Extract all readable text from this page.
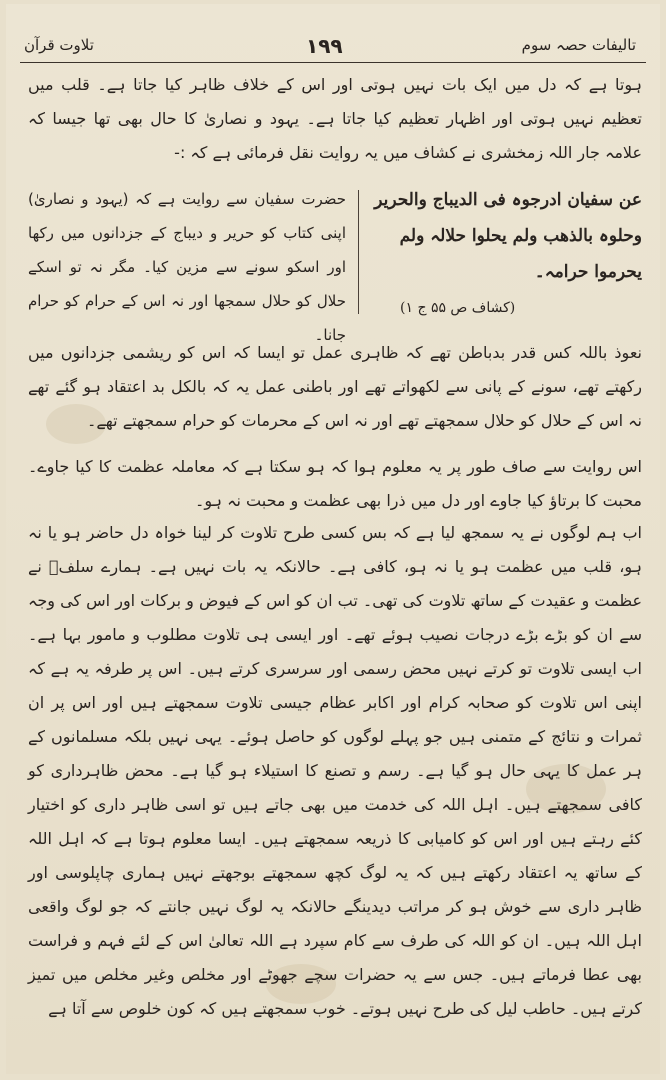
تلاوت قرآن	۱۹۹	تالیفات حصہ سوم

ہوتا ہے کہ دل میں ایک بات نہیں ہوتی اور اس کے خلاف ظاہر کیا جاتا ہے۔ قلب میں تعظیم نہیں ہوتی اور اظہار تعظیم کیا جاتا ہے۔ یہود و نصاریٰ کا حال بھی تھا جیسا کہ علامہ جار اللہ زمخشری نے کشاف میں یہ روایت نقل فرمائی ہے کہ :-

عن سفیان ادرجوہ فی الدیباج والحریر وحلوہ بالذھب ولم یحلوا حلالہ ولم یحرموا حرامہ۔
(کشاف ص ۵۵ ج ۱)
حضرت سفیان سے روایت ہے کہ (یہود و نصاریٰ) اپنی کتاب کو حریر و دیباج کے جزدانوں میں رکھا اور اسکو سونے سے مزین کیا۔ مگر نہ تو اسکے حلال کو حلال سمجھا اور نہ اس کے حرام کو حرام جانا۔

نعوذ باللہ کس قدر بدباطن تھے کہ ظاہری عمل تو ایسا کہ اس کو ریشمی جزدانوں میں رکھتے تھے، سونے کے پانی سے لکھواتے تھے اور باطنی عمل یہ کہ بالکل بد اعتقاد ہو گئے تھے نہ اس کے حلال کو حلال سمجھتے تھے اور نہ اس کے محرمات کو حرام سمجھتے تھے۔

اس روایت سے صاف طور پر یہ معلوم ہوا کہ ہو سکتا ہے کہ معاملہ عظمت کا کیا جاوے۔ محبت کا برتاؤ کیا جاوے اور دل میں ذرا بھی عظمت و محبت نہ ہو۔

اب ہم لوگوں نے یہ سمجھ لیا ہے کہ بس کسی طرح تلاوت کر لینا خواہ دل حاضر ہو یا نہ ہو، قلب میں عظمت ہو یا نہ ہو، کافی ہے۔ حالانکہ یہ بات نہیں ہے۔ ہمارے سلفؒ نے عظمت و عقیدت کے ساتھ تلاوت کی تھی۔ تب ان کو اس کے فیوض و برکات اور اس کی وجہ سے ان کو بڑے بڑے درجات نصیب ہوئے تھے۔ اور ایسی ہی تلاوت مطلوب و مامور بہا ہے۔ اب ایسی تلاوت تو کرتے نہیں محض رسمی اور سرسری کرتے ہیں۔ اس پر طرفہ یہ ہے کہ اپنی اس تلاوت کو صحابہ کرام اور اکابر عظام جیسی تلاوت سمجھتے ہیں اور اس پر ان ثمرات و نتائج کے متمنی ہیں جو پہلے لوگوں کو حاصل ہوئے۔ یہی نہیں بلکہ مسلمانوں کے ہر عمل کا یہی حال ہو گیا ہے۔ رسم و تصنع کا استیلاء ہو گیا ہے۔ محض ظاہرداری کو کافی سمجھتے ہیں۔ اہل اللہ کی خدمت میں بھی جاتے ہیں تو اسی ظاہر داری کو اختیار کئے رہتے ہیں اور اس کو کامیابی کا ذریعہ سمجھتے ہیں۔ ایسا معلوم ہوتا ہے کہ اہل اللہ کے ساتھ یہ اعتقاد رکھتے ہیں کہ یہ لوگ کچھ سمجھتے بوجھتے نہیں ہماری چاپلوسی اور ظاہر داری سے خوش ہو کر مراتب دیدینگے حالانکہ یہ لوگ نہیں جانتے کہ جو لوگ واقعی اہل اللہ ہیں۔ ان کو اللہ کی طرف سے کام سپرد ہے اللہ تعالیٰ اس کے لئے فہم و فراست بھی عطا فرماتے ہیں۔ جس سے یہ حضرات سچے جھوٹے اور مخلص وغیر مخلص میں تمیز کرتے ہیں۔ حاطب لیل کی طرح نہیں ہوتے۔ خوب سمجھتے ہیں کہ کون خلوص سے آتا ہے
